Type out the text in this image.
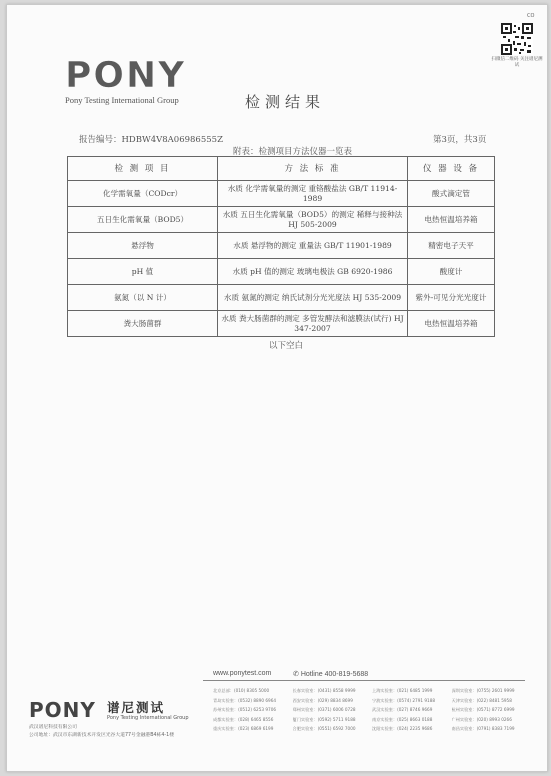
CO
扫微信二维码 关注谱尼测试
PONY
Pony Testing International Group	检测结果
报告编号：HDBW4V8A06986555Z	第3页，共3页
附表：检测项目方法仪器一览表
检 测 项 目	方 法 标 准	仪 器 设 备
化学需氧量（CODcr）	水质 化学需氧量的测定 重铬酸盐法 GB/T 11914-1989	酸式滴定管
五日生化需氧量（BOD5）	水质 五日生化需氧量（BOD5）的测定 稀释与接种法 HJ 505-2009	电热恒温培养箱
悬浮物	水质 悬浮物的测定 重量法 GB/T 11901-1989	精密电子天平
pH 值	水质 pH 值的测定 玻璃电极法 GB 6920-1986	酸度计
氨氮（以 N 计）	水质 氨氮的测定 纳氏试剂分光光度法 HJ 535-2009	紫外-可见分光光度计
粪大肠菌群	水质 粪大肠菌群的测定 多管发酵法和滤膜法(试行) HJ 347-2007	电热恒温培养箱
以下空白
www.ponytest.com	✆ Hotline 400-819-5688
PONY 谱尼测试
Pony Testing International Group
武汉谱尼科技有限公司
公司地址：武汉市东湖新技术开发区光谷大道77号金融港B4栋4-1楼
北京总部：(010) 8305 5000	长春实验室：(0431) 8558 9999	上海实验室：(021) 6485 1999	深圳实验室：(0755) 2601 9999
青岛实验室：(0532) 8890 6964	西安实验室：(029) 8834 8699	宁波实验室：(0574) 2791 9188	天津实验室：(022) 8481 5958
苏州实验室：(0512) 6253 9706	郑州实验室：(0371) 6006 0728	武汉实验室：(027) 8746 9669	杭州实验室：(0571) 8772 6999
成都实验室：(028) 6465 8556	厦门实验室：(0592) 5711 9188	南京实验室：(025) 8663 0188	广州实验室：(020) 8993 0266
重庆实验室：(023) 6869 6199	合肥实验室：(0551) 6592 7000	沈阳实验室：(024) 2235 9686	南昌实验室：(0791) 8383 7199
